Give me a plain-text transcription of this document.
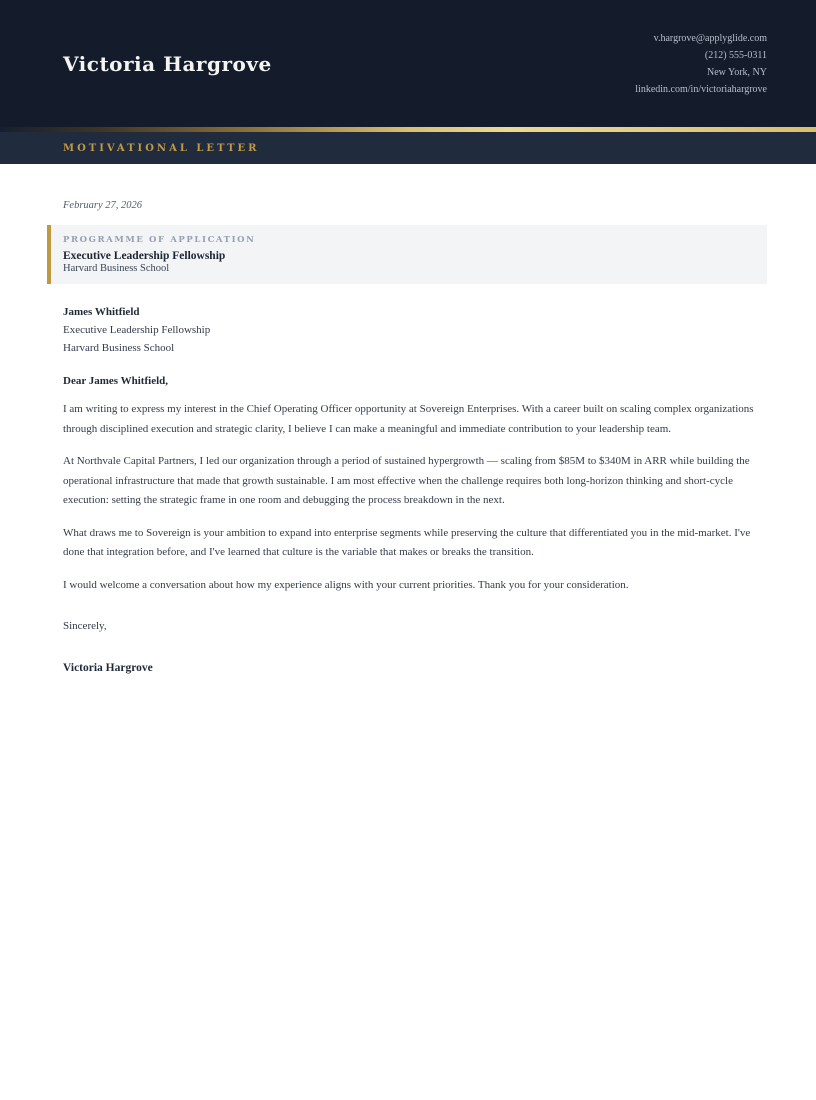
Victoria Hargrove
v.hargrove@applyglide.com
(212) 555-0311
New York, NY
linkedin.com/in/victoriahargrove
MOTIVATIONAL LETTER

February 27, 2026

PROGRAMME OF APPLICATION
Executive Leadership Fellowship
Harvard Business School
James Whitfield
Executive Leadership Fellowship
Harvard Business School

Dear James Whitfield,

I am writing to express my interest in the Chief Operating Officer opportunity at Sovereign Enterprises. With a career built on scaling complex organizations through disciplined execution and strategic clarity, I believe I can make a meaningful and immediate contribution to your leadership team.

At Northvale Capital Partners, I led our organization through a period of sustained hypergrowth — scaling from $85M to $340M in ARR while building the operational infrastructure that made that growth sustainable. I am most effective when the challenge requires both long-horizon thinking and short-cycle execution: setting the strategic frame in one room and debugging the process breakdown in the next.

What draws me to Sovereign is your ambition to expand into enterprise segments while preserving the culture that differentiated you in the mid-market. I've done that integration before, and I've learned that culture is the variable that makes or breaks the transition.

I would welcome a conversation about how my experience aligns with your current priorities. Thank you for your consideration.

Sincerely,

Victoria Hargrove
